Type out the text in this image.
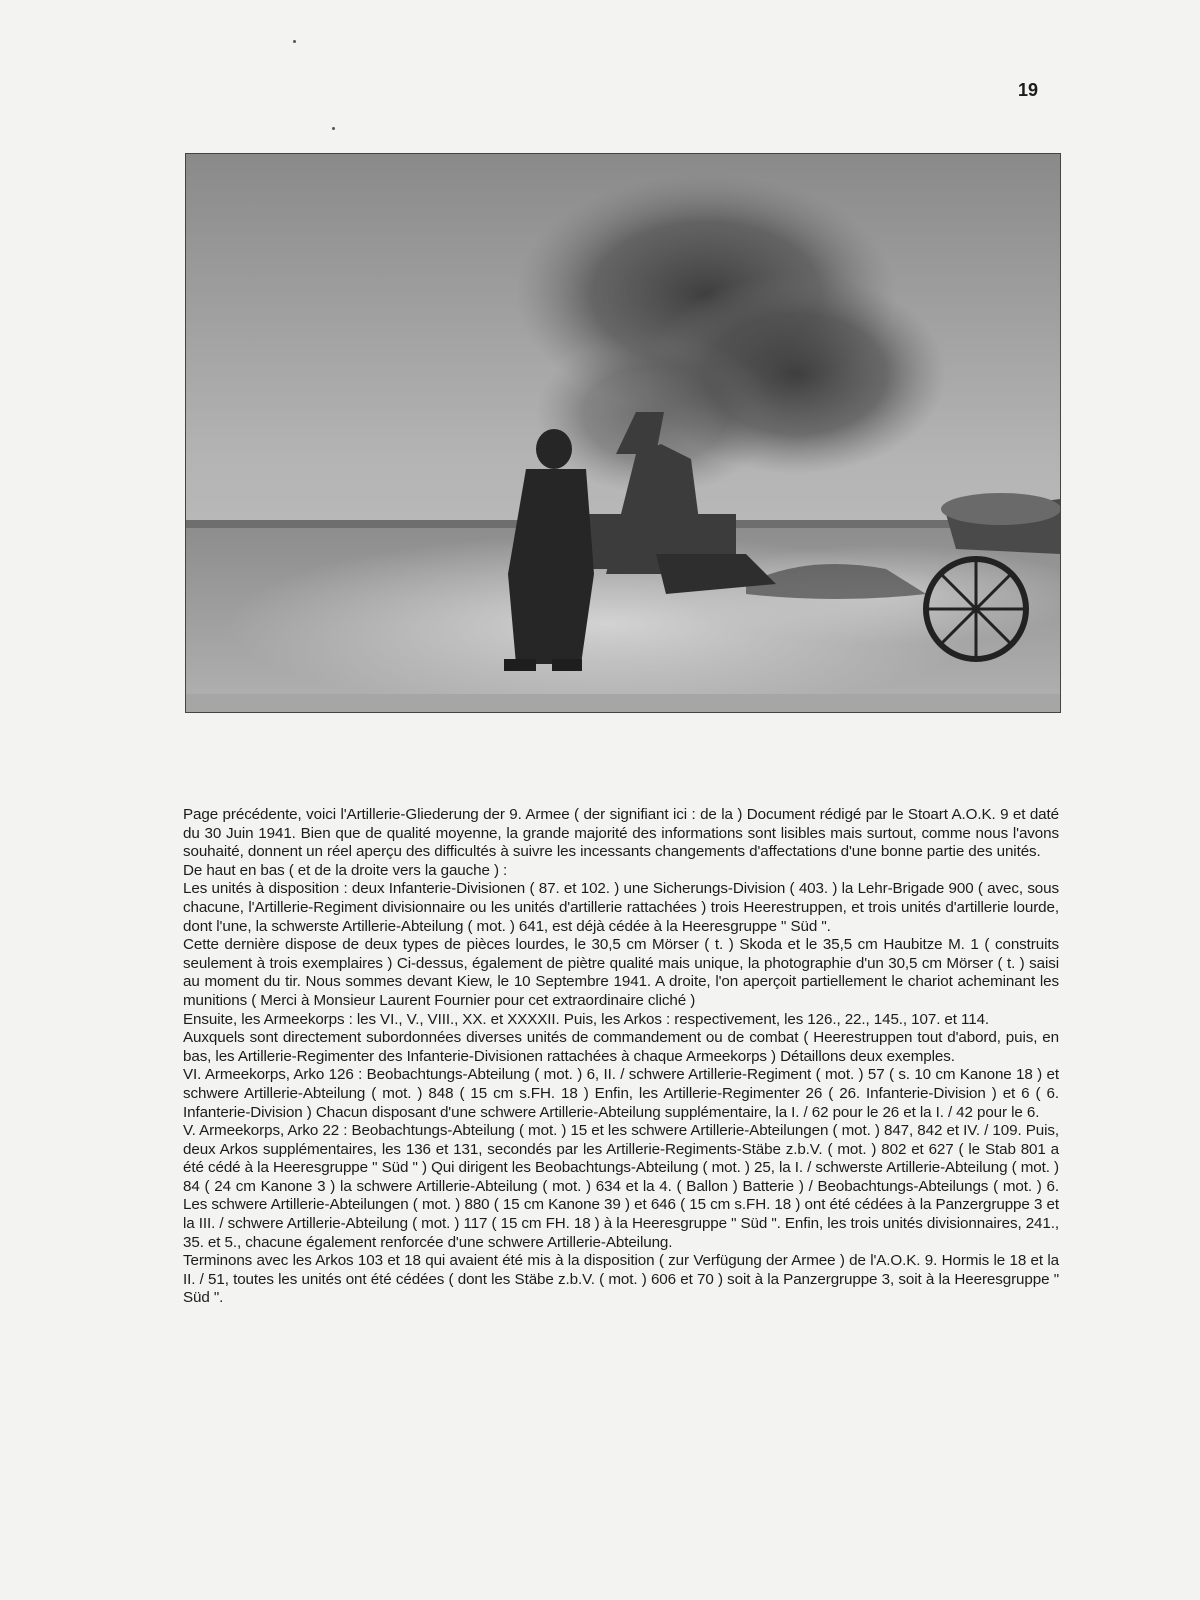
19

Page précédente, voici l'Artillerie-Gliederung der 9. Armee ( der signifiant ici : de la ) Document rédigé par le Stoart A.O.K. 9 et daté du 30 Juin 1941. Bien que de qualité moyenne, la grande majorité des informations sont lisibles mais surtout, comme nous l'avons souhaité, donnent un réel aperçu des difficultés à suivre les incessants changements d'affectations d'une bonne partie des unités.

De haut en bas ( et de la droite vers la gauche ) :

Les unités à disposition : deux Infanterie-Divisionen ( 87. et 102. ) une Sicherungs-Division ( 403. ) la Lehr-Brigade 900 ( avec, sous chacune, l'Artillerie-Regiment divisionnaire ou les unités d'artillerie rattachées ) trois Heerestruppen, et trois unités d'artillerie lourde, dont l'une, la schwerste Artillerie-Abteilung ( mot. ) 641, est déjà cédée à la Heeresgruppe " Süd ".

Cette dernière dispose de deux types de pièces lourdes, le 30,5 cm Mörser ( t. ) Skoda et le 35,5 cm Haubitze M. 1 ( construits seulement à trois exemplaires ) Ci-dessus, également de piètre qualité mais unique, la photographie d'un 30,5 cm Mörser ( t. ) saisi au moment du tir. Nous sommes devant Kiew, le 10 Septembre 1941. A droite, l'on aperçoit partiellement le chariot acheminant les munitions ( Merci à Monsieur Laurent Fournier pour cet extraordinaire cliché )

Ensuite, les Armeekorps : les VI., V., VIII., XX. et XXXXII. Puis, les Arkos : respectivement, les 126., 22., 145., 107. et 114.

Auxquels sont directement subordonnées diverses unités de commandement ou de combat ( Heerestruppen tout d'abord, puis, en bas, les Artillerie-Regimenter des Infanterie-Divisionen rattachées à chaque Armeekorps ) Détaillons deux exemples.

VI. Armeekorps, Arko 126 : Beobachtungs-Abteilung ( mot. ) 6, II. / schwere Artillerie-Regiment ( mot. ) 57 ( s. 10 cm Kanone 18 ) et schwere Artillerie-Abteilung ( mot. ) 848 ( 15 cm s.FH. 18 ) Enfin, les Artillerie-Regimenter 26 ( 26. Infanterie-Division ) et 6 ( 6. Infanterie-Division ) Chacun disposant d'une schwere Artillerie-Abteilung supplémentaire, la I. / 62 pour le 26 et la I. / 42 pour le 6.

V. Armeekorps, Arko 22 : Beobachtungs-Abteilung ( mot. ) 15 et les schwere Artillerie-Abteilungen ( mot. ) 847, 842 et IV. / 109. Puis, deux Arkos supplémentaires, les 136 et 131, secondés par les Artillerie-Regiments-Stäbe z.b.V. ( mot. ) 802 et 627 ( le Stab 801 a été cédé à la Heeresgruppe " Süd " ) Qui dirigent les Beobachtungs-Abteilung ( mot. ) 25, la I. / schwerste Artillerie-Abteilung ( mot. ) 84 ( 24 cm Kanone 3 ) la schwere Artillerie-Abteilung ( mot. ) 634 et la 4. ( Ballon ) Batterie ) / Beobachtungs-Abteilungs ( mot. ) 6. Les schwere Artillerie-Abteilungen ( mot. ) 880 ( 15 cm Kanone 39 ) et 646 ( 15 cm s.FH. 18 ) ont été cédées à la Panzergruppe 3 et la III. / schwere Artillerie-Abteilung ( mot. ) 117 ( 15 cm FH. 18 ) à la Heeresgruppe " Süd ". Enfin, les trois unités divisionnaires, 241., 35. et 5., chacune également renforcée d'une schwere Artillerie-Abteilung.

Terminons avec les Arkos 103 et 18 qui avaient été mis à la disposition ( zur Verfügung der Armee ) de l'A.O.K. 9. Hormis le 18 et la II. / 51, toutes les unités ont été cédées ( dont les Stäbe z.b.V. ( mot. ) 606 et 70 ) soit à la Panzergruppe 3, soit à la Heeresgruppe " Süd ".
